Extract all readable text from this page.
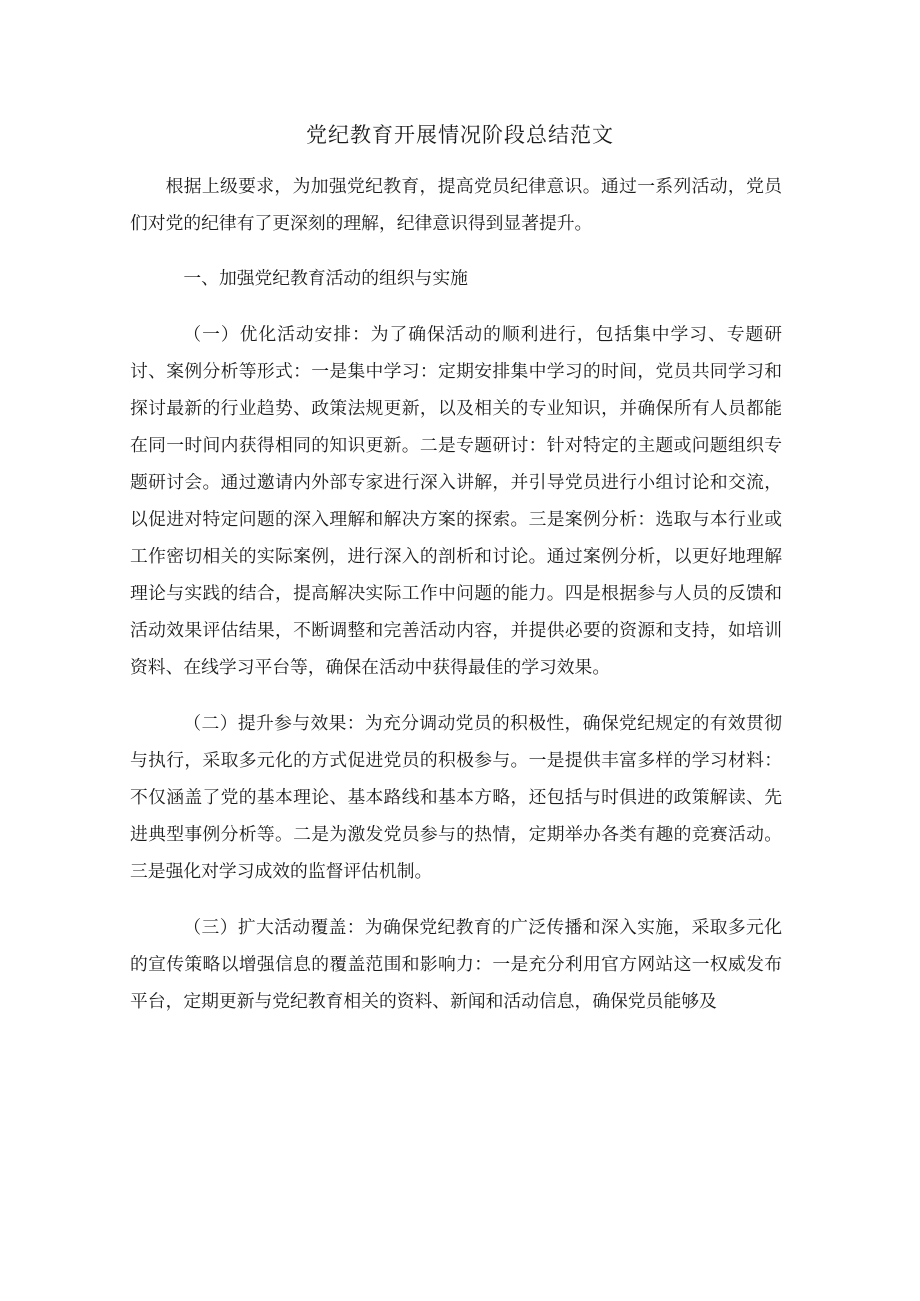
党纪教育开展情况阶段总结范文

根据上级要求，为加强党纪教育，提高党员纪律意识。通过一系列活动，党员们对党的纪律有了更深刻的理解，纪律意识得到显著提升。

一、加强党纪教育活动的组织与实施

（一）优化活动安排：为了确保活动的顺利进行，包括集中学习、专题研讨、案例分析等形式：一是集中学习：定期安排集中学习的时间，党员共同学习和探讨最新的行业趋势、政策法规更新，以及相关的专业知识，并确保所有人员都能在同一时间内获得相同的知识更新。二是专题研讨：针对特定的主题或问题组织专题研讨会。通过邀请内外部专家进行深入讲解，并引导党员进行小组讨论和交流，以促进对特定问题的深入理解和解决方案的探索。三是案例分析：选取与本行业或工作密切相关的实际案例，进行深入的剖析和讨论。通过案例分析，以更好地理解理论与实践的结合，提高解决实际工作中问题的能力。四是根据参与人员的反馈和活动效果评估结果，不断调整和完善活动内容，并提供必要的资源和支持，如培训资料、在线学习平台等，确保在活动中获得最佳的学习效果。

（二）提升参与效果：为充分调动党员的积极性，确保党纪规定的有效贯彻与执行，采取多元化的方式促进党员的积极参与。一是提供丰富多样的学习材料：不仅涵盖了党的基本理论、基本路线和基本方略，还包括与时俱进的政策解读、先进典型事例分析等。二是为激发党员参与的热情，定期举办各类有趣的竞赛活动。三是强化对学习成效的监督评估机制。

（三）扩大活动覆盖：为确保党纪教育的广泛传播和深入实施，采取多元化的宣传策略以增强信息的覆盖范围和影响力：一是充分利用官方网站这一权威发布平台，定期更新与党纪教育相关的资料、新闻和活动信息，确保党员能够及
